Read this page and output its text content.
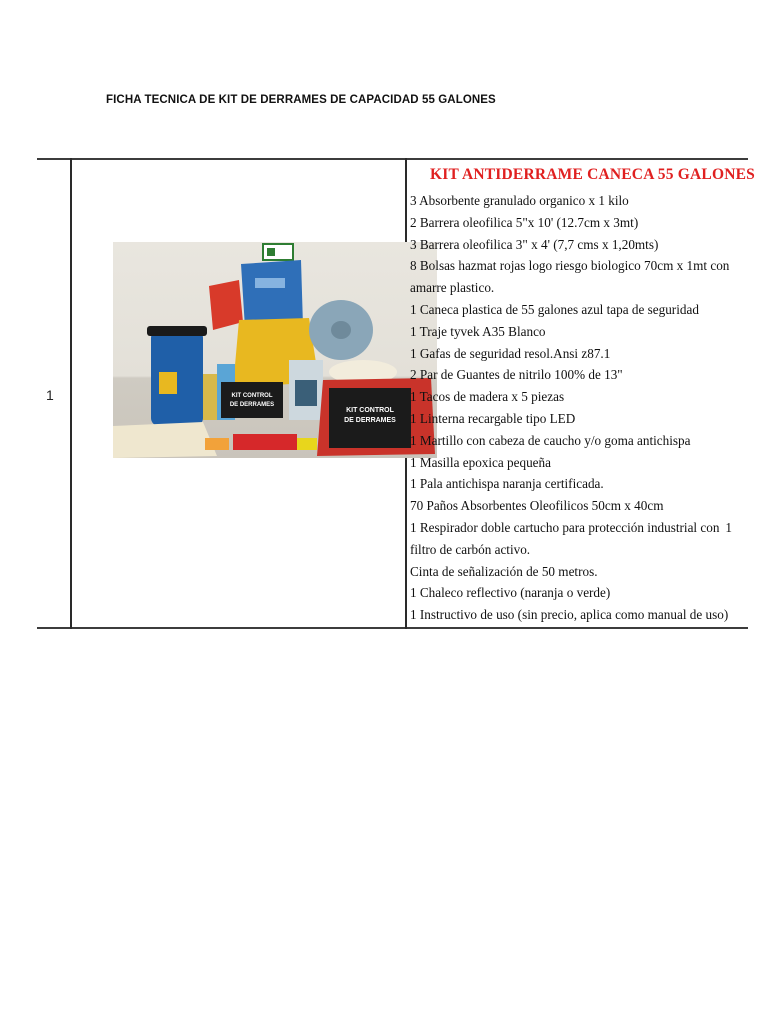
FICHA TECNICA DE KIT DE DERRAMES DE CAPACIDAD 55 GALONES
1	KIT CONTROL
DE DERRAMES
KIT CONTROL
DE DERRAMES
KIT ANTIDERRAME CANECA 55 GALONES
3 Absorbente granulado organico x 1 kilo
2 Barrera oleofilica 5"x 10' (12.7cm x 3mt)
3 Barrera oleofilica 3" x 4' (7,7 cms x 1,20mts)
8 Bolsas hazmat rojas logo riesgo biologico 70cm x 1mt con amarre plastico.
1 Caneca plastica de 55 galones azul tapa de seguridad
1 Traje tyvek A35 Blanco
1 Gafas de seguridad resol.Ansi z87.1
2 Par de Guantes de nitrilo 100% de 13"
1 Tacos de madera x 5 piezas
1 Linterna recargable tipo LED
1 Martillo con cabeza de caucho y/o goma antichispa
1 Masilla epoxica pequeña
1 Pala antichispa naranja certificada.
70 Paños Absorbentes Oleofilicos 50cm x 40cm
1
1 Respirador doble cartucho para protección industrial con filtro de carbón activo.
Cinta de señalización de 50 metros.
1 Chaleco reflectivo (naranja o verde)
1 Instructivo de uso (sin precio, aplica como manual de uso)
